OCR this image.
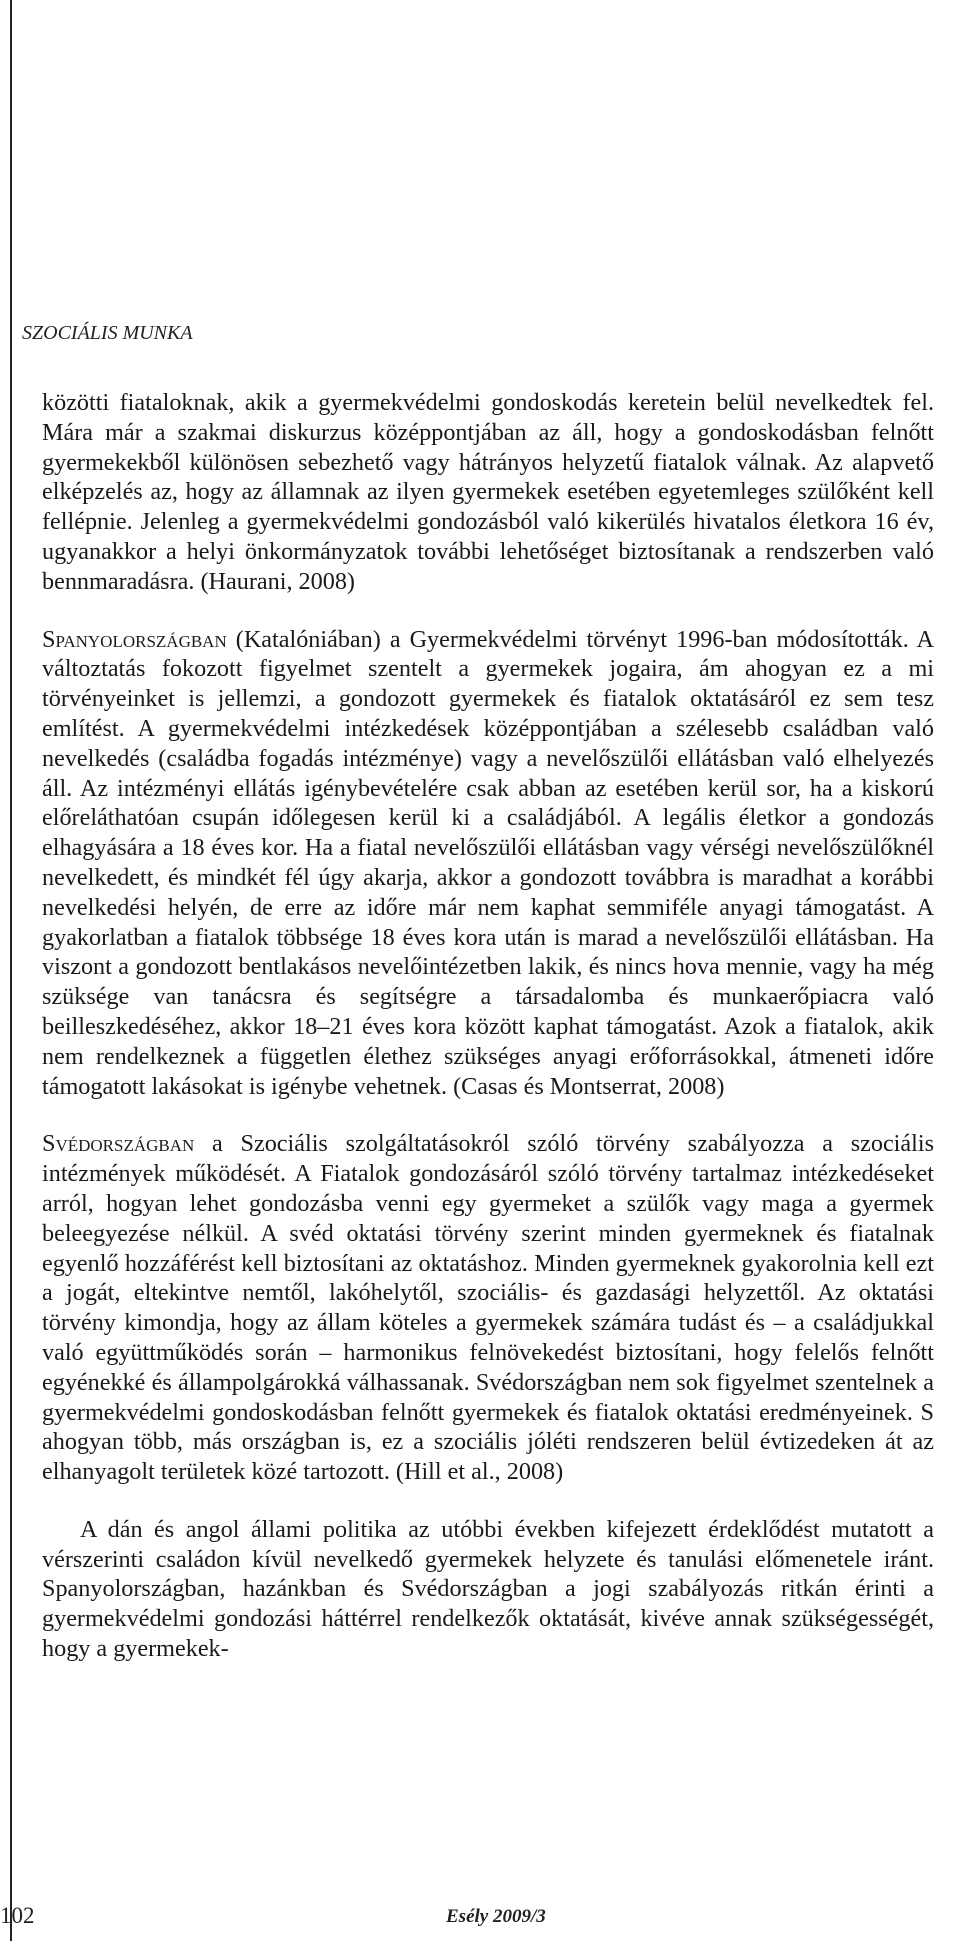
SZOCIÁLIS MUNKA

közötti fiataloknak, akik a gyermekvédelmi gondoskodás keretein belül nevelkedtek fel. Mára már a szakmai diskurzus középpontjában az áll, hogy a gondoskodásban felnőtt gyermekekből különösen sebezhető vagy hátrányos helyzetű fiatalok válnak. Az alapvető elképzelés az, hogy az államnak az ilyen gyermekek esetében egyetemleges szülőként kell fellépnie. Jelenleg a gyermekvédelmi gondozásból való kikerülés hivatalos életkora 16 év, ugyanakkor a helyi önkormányzatok további lehetőséget biztosítanak a rendszerben való bennmaradásra. (Haurani, 2008)

Spanyolországban (Katalóniában) a Gyermekvédelmi törvényt 1996-ban módosították. A változtatás fokozott figyelmet szentelt a gyermekek jogaira, ám ahogyan ez a mi törvényeinket is jellemzi, a gondozott gyermekek és fiatalok oktatásáról ez sem tesz említést. A gyermekvédelmi intézkedések középpontjában a szélesebb családban való nevelkedés (családba fogadás intézménye) vagy a nevelőszülői ellátásban való elhelyezés áll. Az intézményi ellátás igénybevételére csak abban az esetében kerül sor, ha a kiskorú előreláthatóan csupán időlegesen kerül ki a családjából. A legális életkor a gondozás elhagyására a 18 éves kor. Ha a fiatal nevelőszülői ellátásban vagy vérségi nevelőszülőknél nevelkedett, és mindkét fél úgy akarja, akkor a gondozott továbbra is maradhat a korábbi nevelkedési helyén, de erre az időre már nem kaphat semmiféle anyagi támogatást. A gyakorlatban a fiatalok többsége 18 éves kora után is marad a nevelőszülői ellátásban. Ha viszont a gondozott bentlakásos nevelőintézetben lakik, és nincs hova mennie, vagy ha még szüksége van tanácsra és segítségre a társadalomba és munkaerőpiacra való beilleszkedéséhez, akkor 18–21 éves kora között kaphat támogatást. Azok a fiatalok, akik nem rendelkeznek a független élethez szükséges anyagi erőforrásokkal, átmeneti időre támogatott lakásokat is igénybe vehetnek. (Casas és Montserrat, 2008)

Svédországban a Szociális szolgáltatásokról szóló törvény szabályozza a szociális intézmények működését. A Fiatalok gondozásáról szóló törvény tartalmaz intézkedéseket arról, hogyan lehet gondozásba venni egy gyermeket a szülők vagy maga a gyermek beleegyezése nélkül. A svéd oktatási törvény szerint minden gyermeknek és fiatalnak egyenlő hozzáférést kell biztosítani az oktatáshoz. Minden gyermeknek gyakorolnia kell ezt a jogát, eltekintve nemtől, lakóhelytől, szociális- és gazdasági helyzettől. Az oktatási törvény kimondja, hogy az állam köteles a gyermekek számára tudást és – a családjukkal való együttműködés során – harmonikus felnövekedést biztosítani, hogy felelős felnőtt egyénekké és állampolgárokká válhassanak. Svédországban nem sok figyelmet szentelnek a gyermekvédelmi gondoskodásban felnőtt gyermekek és fiatalok oktatási eredményeinek. S ahogyan több, más országban is, ez a szociális jóléti rendszeren belül évtizedeken át az elhanyagolt területek közé tartozott. (Hill et al., 2008)

A dán és angol állami politika az utóbbi években kifejezett érdeklődést mutatott a vérszerinti családon kívül nevelkedő gyermekek helyzete és tanulási előmenetele iránt. Spanyolországban, hazánkban és Svédországban a jogi szabályozás ritkán érinti a gyermekvédelmi gondozási háttérrel rendelkezők oktatását, kivéve annak szükségességét, hogy a gyermekek-

102	Esély 2009/3
